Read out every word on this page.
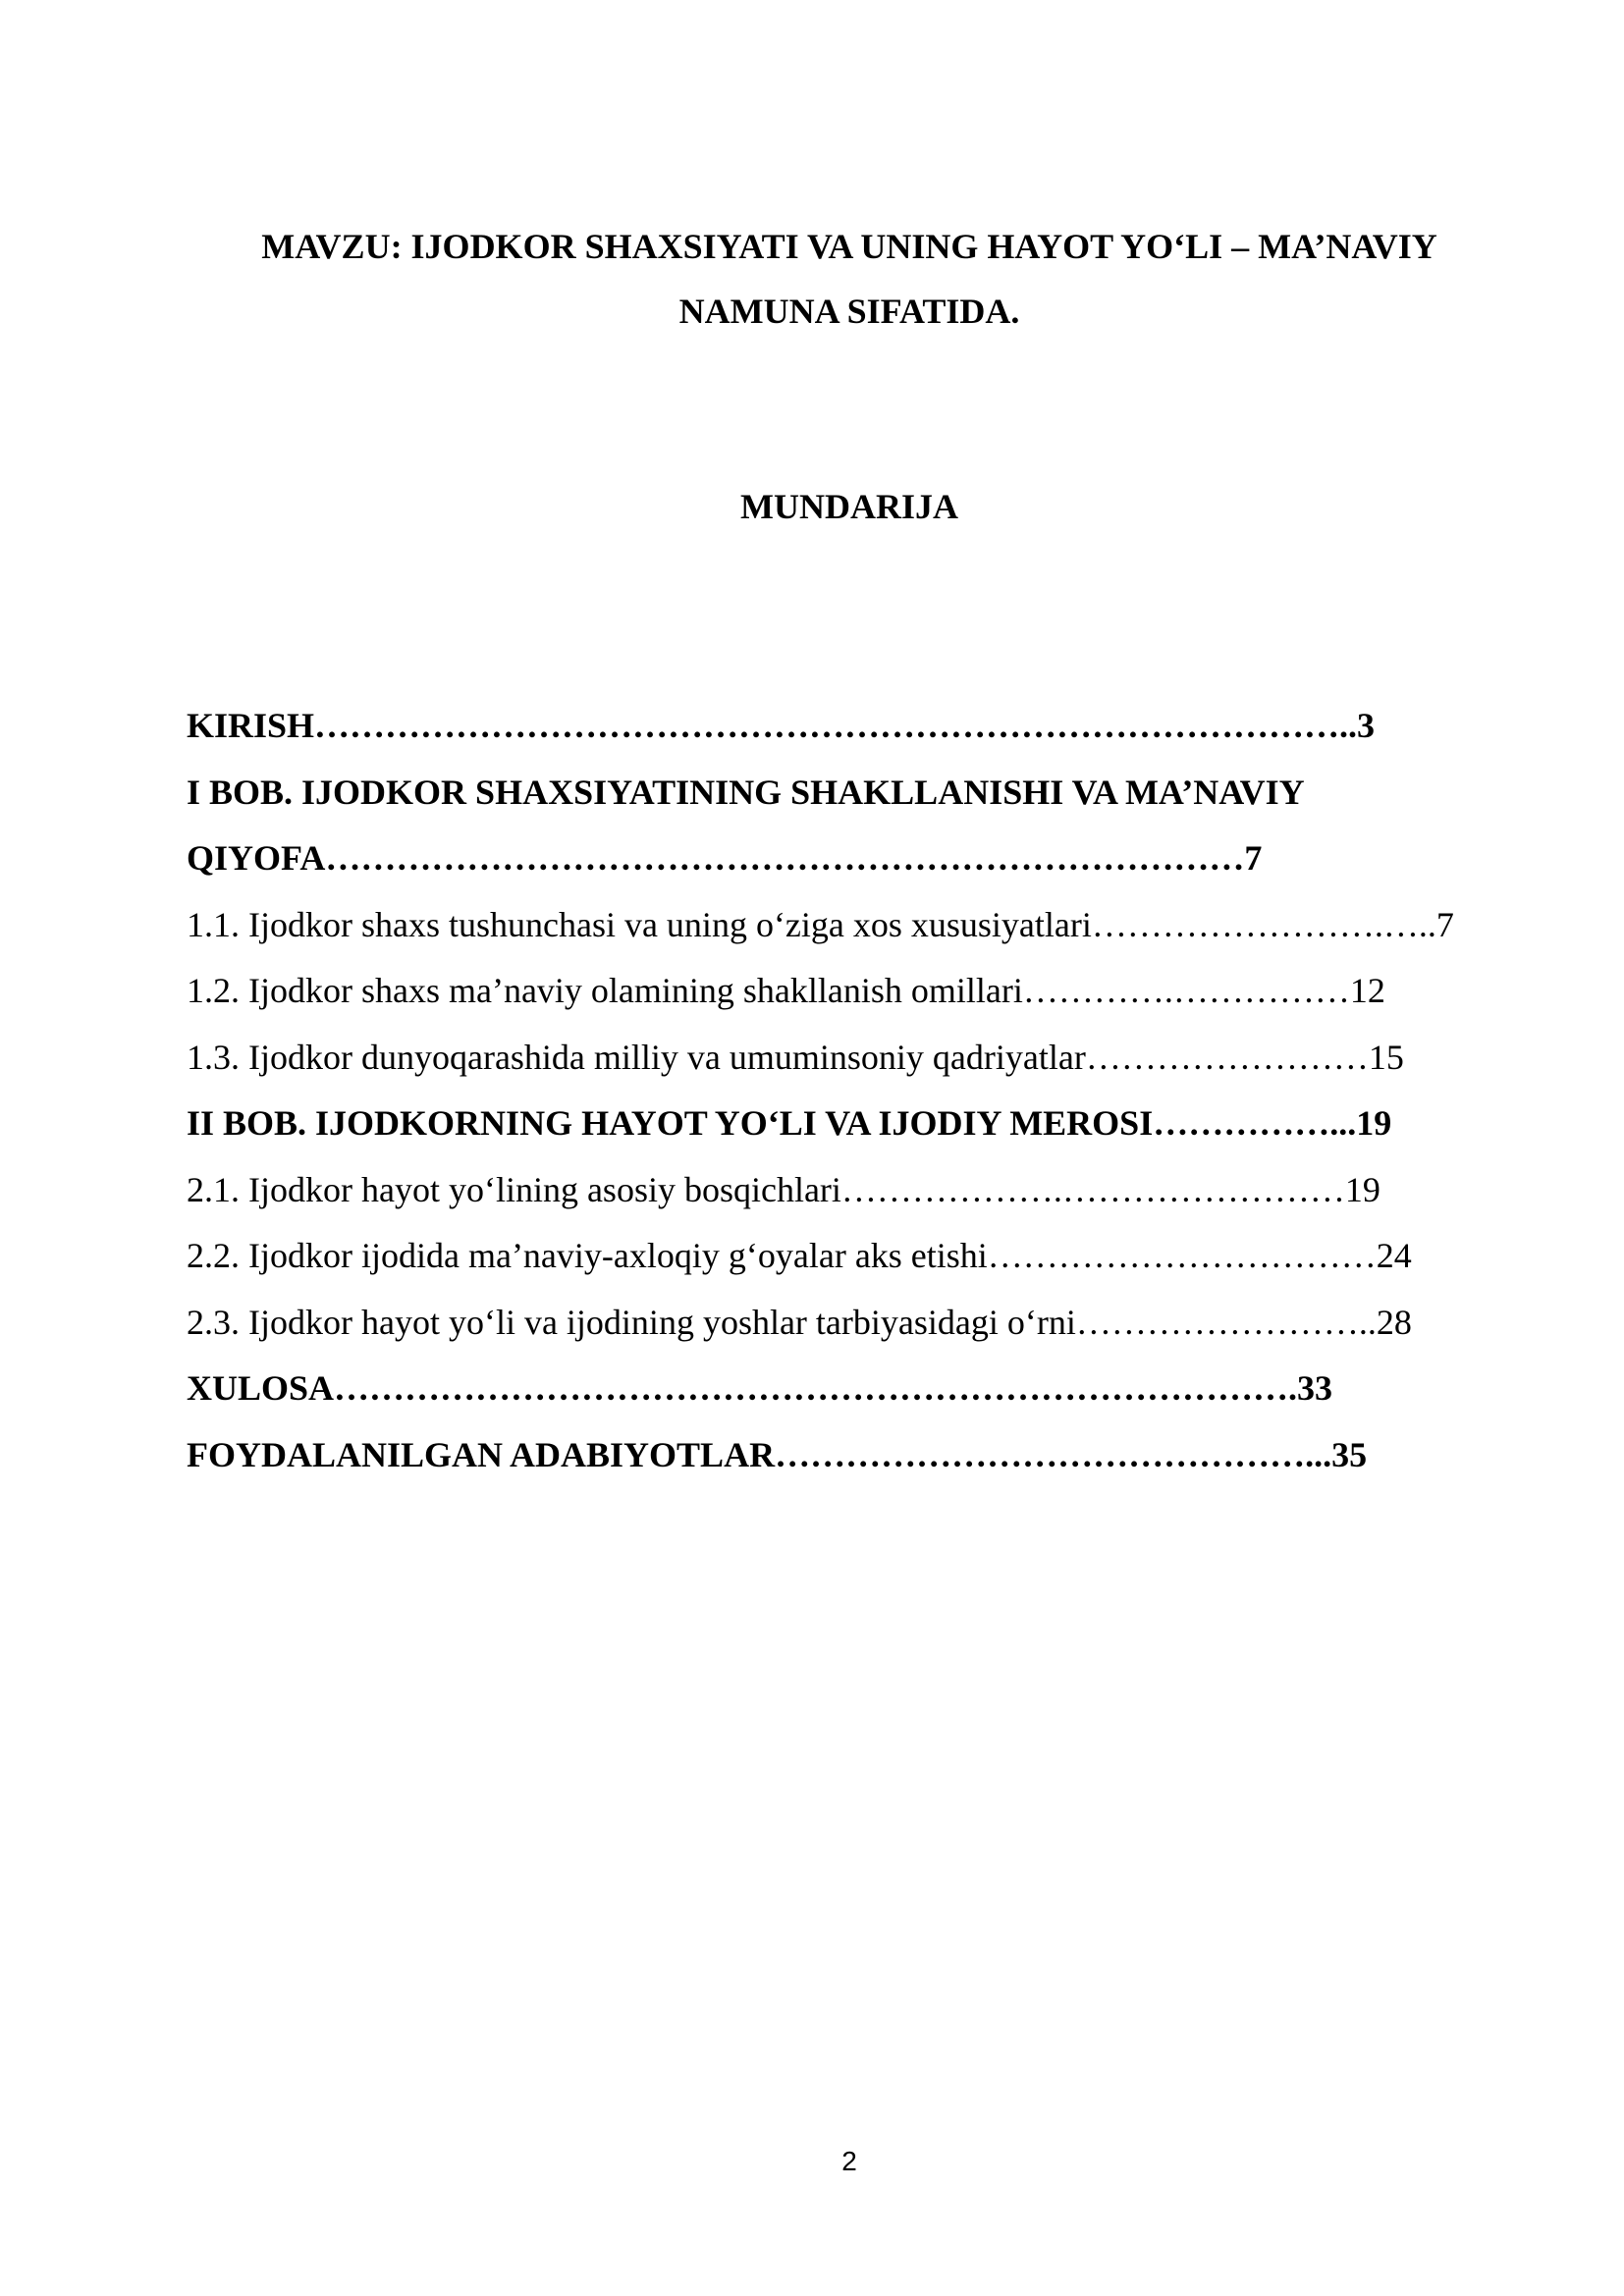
MAVZU: IJODKOR SHAXSIYATI VA UNING HAYOT YO‘LI – MA’NAVIY
NAMUNA SIFATIDA.
MUNDARIJA
KIRISH……………………………………………………………………………..3
I BOB. IJODKOR SHAXSIYATINING SHAKLLANISHI VA MA’NAVIY
QIYOFA……………………………………………………………………7
1.1. Ijodkor shaxs tushunchasi va uning o‘ziga xos xususiyatlari…………………….…..7
1.2. Ijodkor shaxs ma’naviy olamining shakllanish omillari………….……………12
1.3. Ijodkor dunyoqarashida milliy va umuminsoniy qadriyatlar……………………15
II BOB. IJODKORNING HAYOT YO‘LI VA IJODIY MEROSI……………...19
2.1. Ijodkor hayot yo‘lining asosiy bosqichlari……………….……………………19
2.2. Ijodkor ijodida ma’naviy-axloqiy g‘oyalar aks etishi……………………………24
2.3. Ijodkor hayot yo‘li va ijodining yoshlar tarbiyasidagi o‘rni……………………..28
XULOSA……………………………………………………………………….33
FOYDALANILGAN ADABIYOTLAR………………………………………...35
2
